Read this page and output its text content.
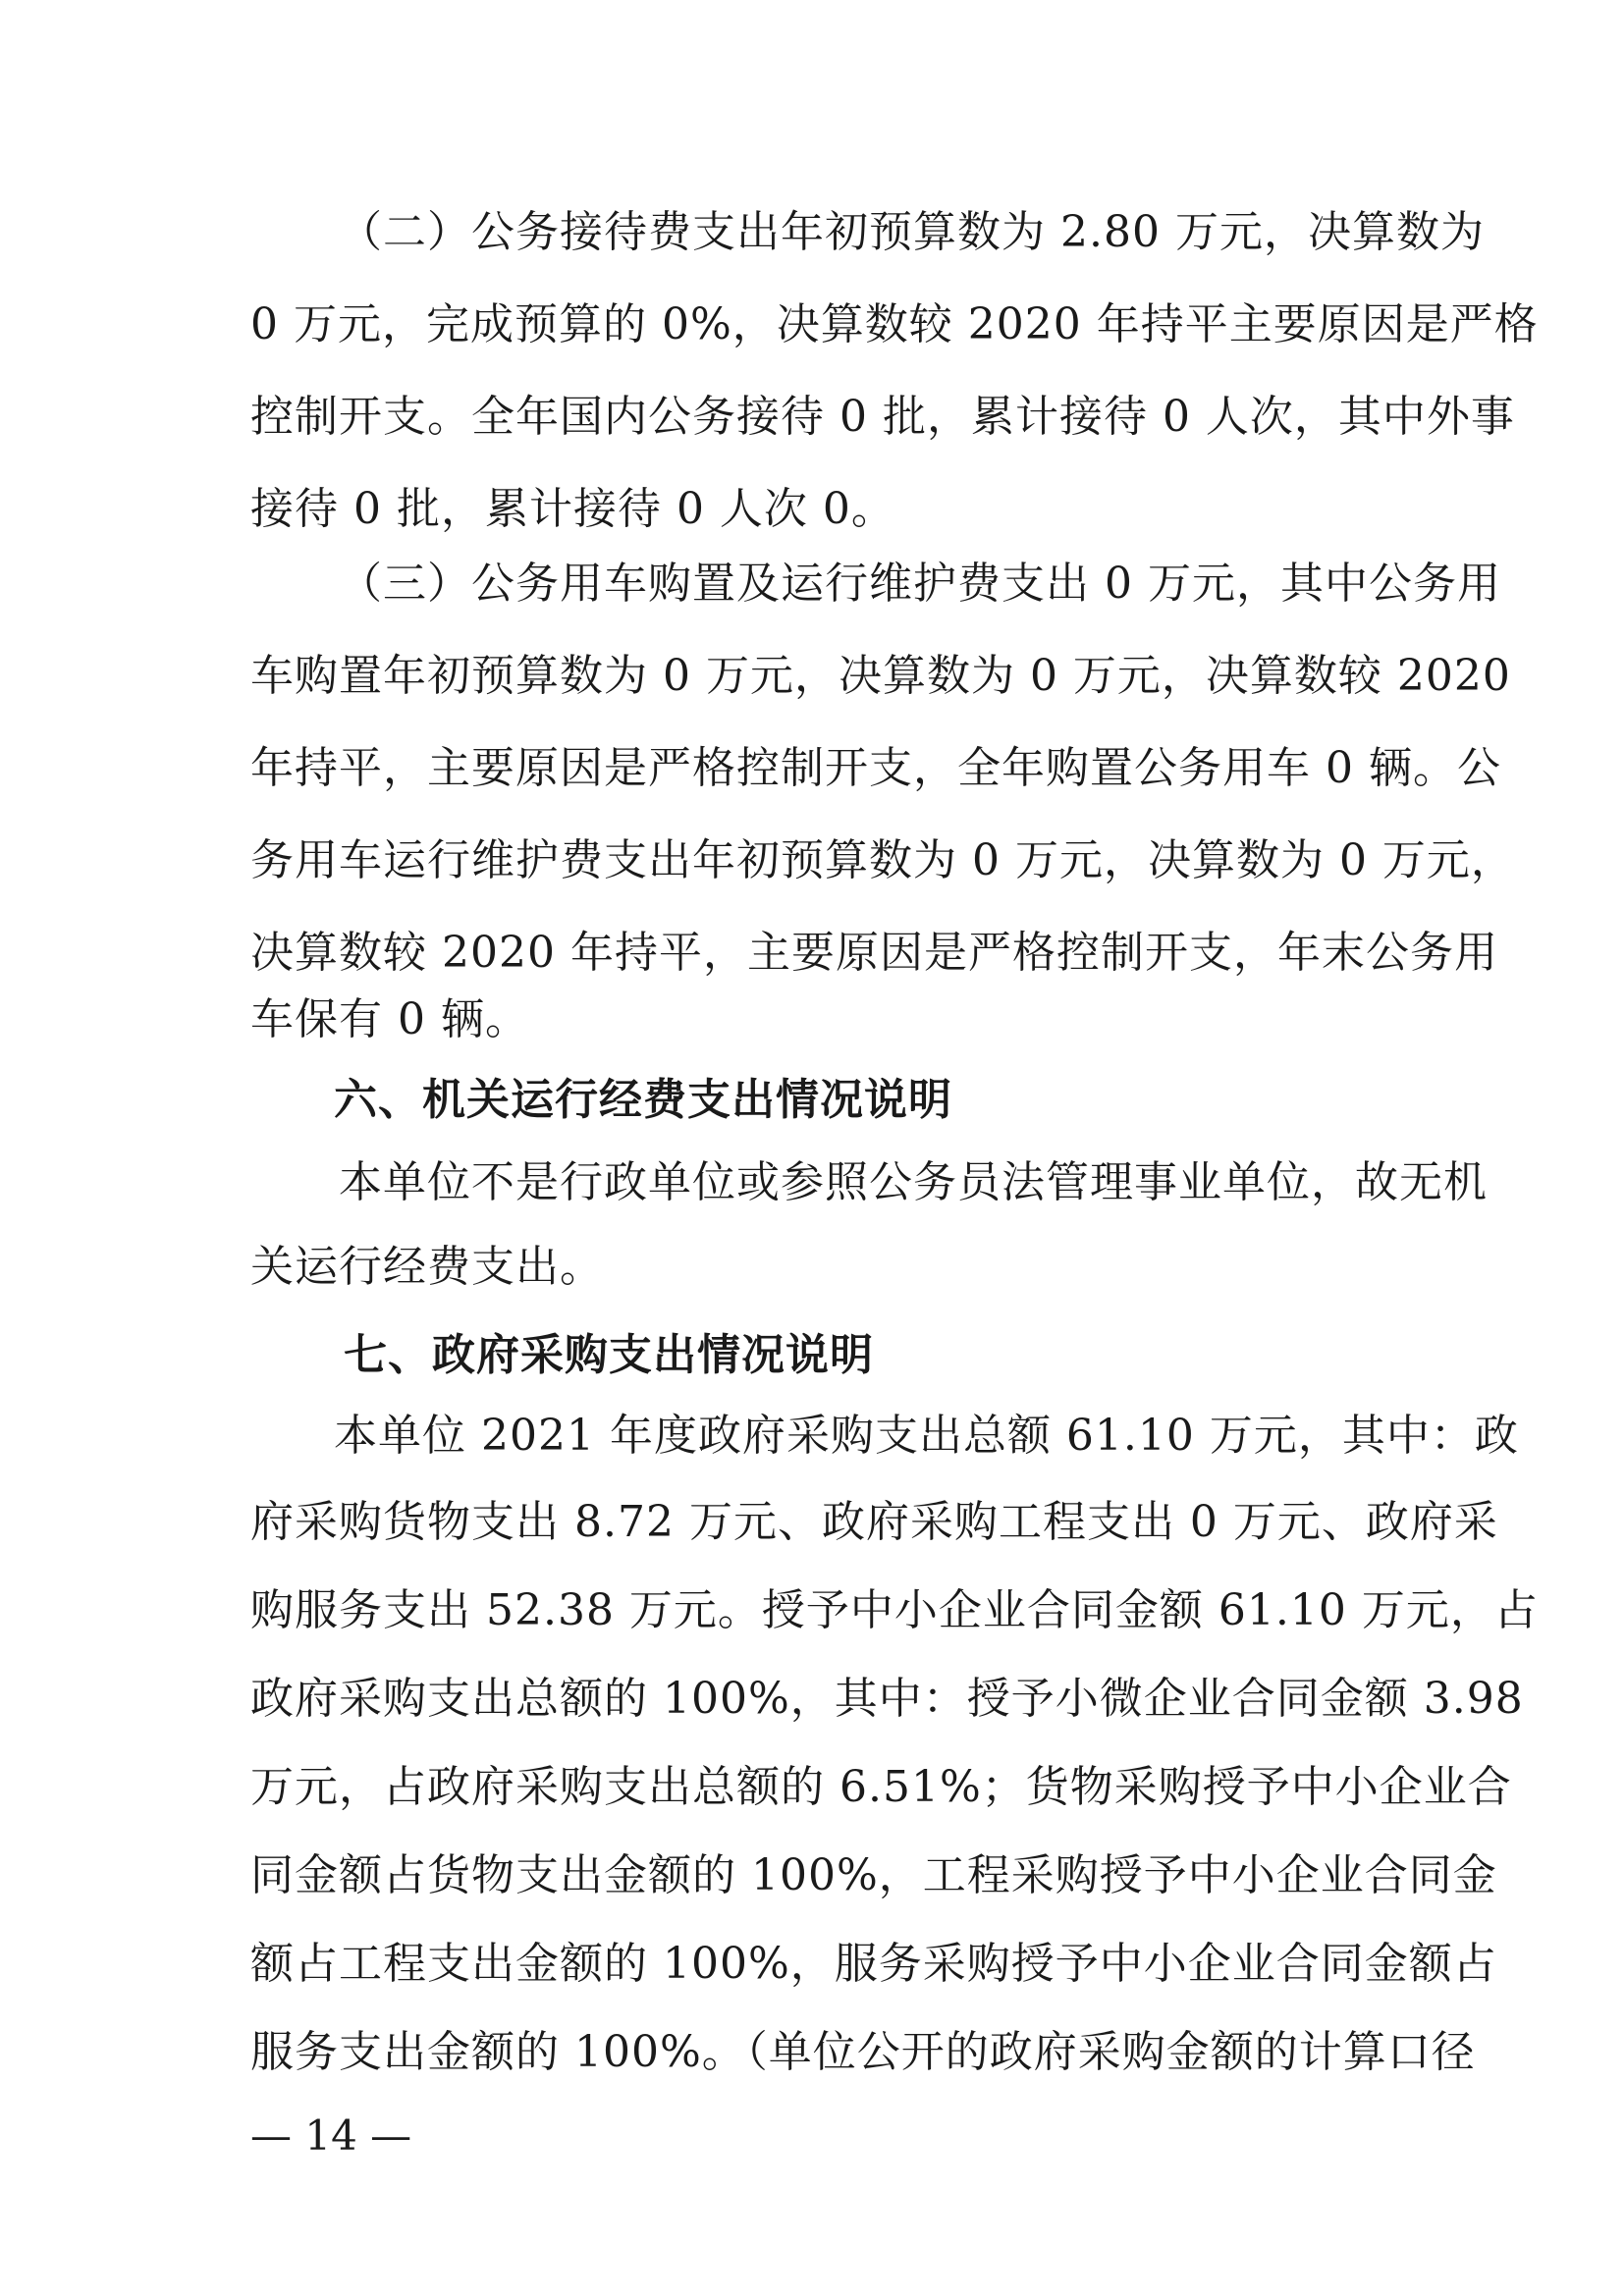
（二）公务接待费支出年初预算数为 2.80 万元，决算数为
0 万元，完成预算的 0%，决算数较 2020 年持平主要原因是严格
控制开支。全年国内公务接待 0 批，累计接待 0 人次，其中外事
接待 0 批，累计接待 0 人次 0。
（三）公务用车购置及运行维护费支出 0 万元，其中公务用
车购置年初预算数为 0 万元，决算数为 0 万元，决算数较 2020
年持平，主要原因是严格控制开支，全年购置公务用车 0 辆。公
务用车运行维护费支出年初预算数为 0 万元，决算数为 0 万元，
决算数较 2020 年持平，主要原因是严格控制开支，年末公务用
车保有 0 辆。
六、机关运行经费支出情况说明
本单位不是行政单位或参照公务员法管理事业单位，故无机
关运行经费支出。
七、政府采购支出情况说明
本单位 2021 年度政府采购支出总额 61.10 万元，其中：政
府采购货物支出 8.72 万元、政府采购工程支出 0 万元、政府采
购服务支出 52.38 万元。授予中小企业合同金额 61.10 万元，占
政府采购支出总额的 100%，其中：授予小微企业合同金额 3.98
万元，占政府采购支出总额的 6.51%；货物采购授予中小企业合
同金额占货物支出金额的 100%，工程采购授予中小企业合同金
额占工程支出金额的 100%，服务采购授予中小企业合同金额占
服务支出金额的 100%。（单位公开的政府采购金额的计算口径
— 14 —
